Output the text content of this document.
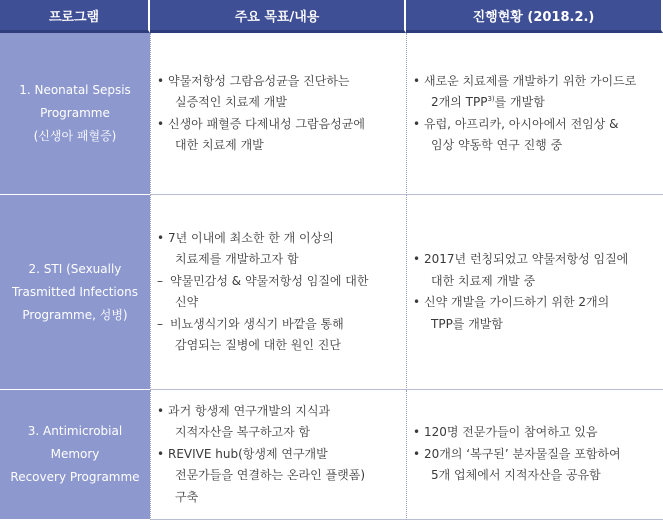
프로그램	주요 목표/내용	진행현황 (2018.2.)
1. Neonatal Sepsis
Programme
(신생아 패혈증)
• 약물저항성 그람음성균을 진단하는
실증적인 치료제 개발
• 신생아 패혈증 다제내성 그람음성균에
대한 치료제 개발
• 새로운 치료제를 개발하기 위한 가이드로
2개의 TPP$^{3)}$를 개발함
• 유럽, 아프리카, 아시아에서 전임상 &
임상 약동학 연구 진행 중
2. STI (Sexually
Trasmitted Infections
Programme, 성병)
• 7년 이내에 최소한 한 개 이상의
치료제를 개발하고자 함
– 약물민감성 & 약물저항성 임질에 대한
신약
– 비뇨생식기와 생식기 바깥을 통해
감염되는 질병에 대한 원인 진단
• 2017년 런칭되었고 약물저항성 임질에
대한 치료제 개발 중
• 신약 개발을 가이드하기 위한 2개의
TPP를 개발함
3. Antimicrobial Memory
Recovery Programme
• 과거 항생제 연구개발의 지식과
지적자산을 복구하고자 함
• REVIVE hub(항생제 연구개발
전문가들을 연결하는 온라인 플랫폼)
구축
• 120명 전문가들이 참여하고 있음
• 20개의 ‘복구된’ 분자물질을 포함하여
5개 업체에서 지적자산을 공유함
